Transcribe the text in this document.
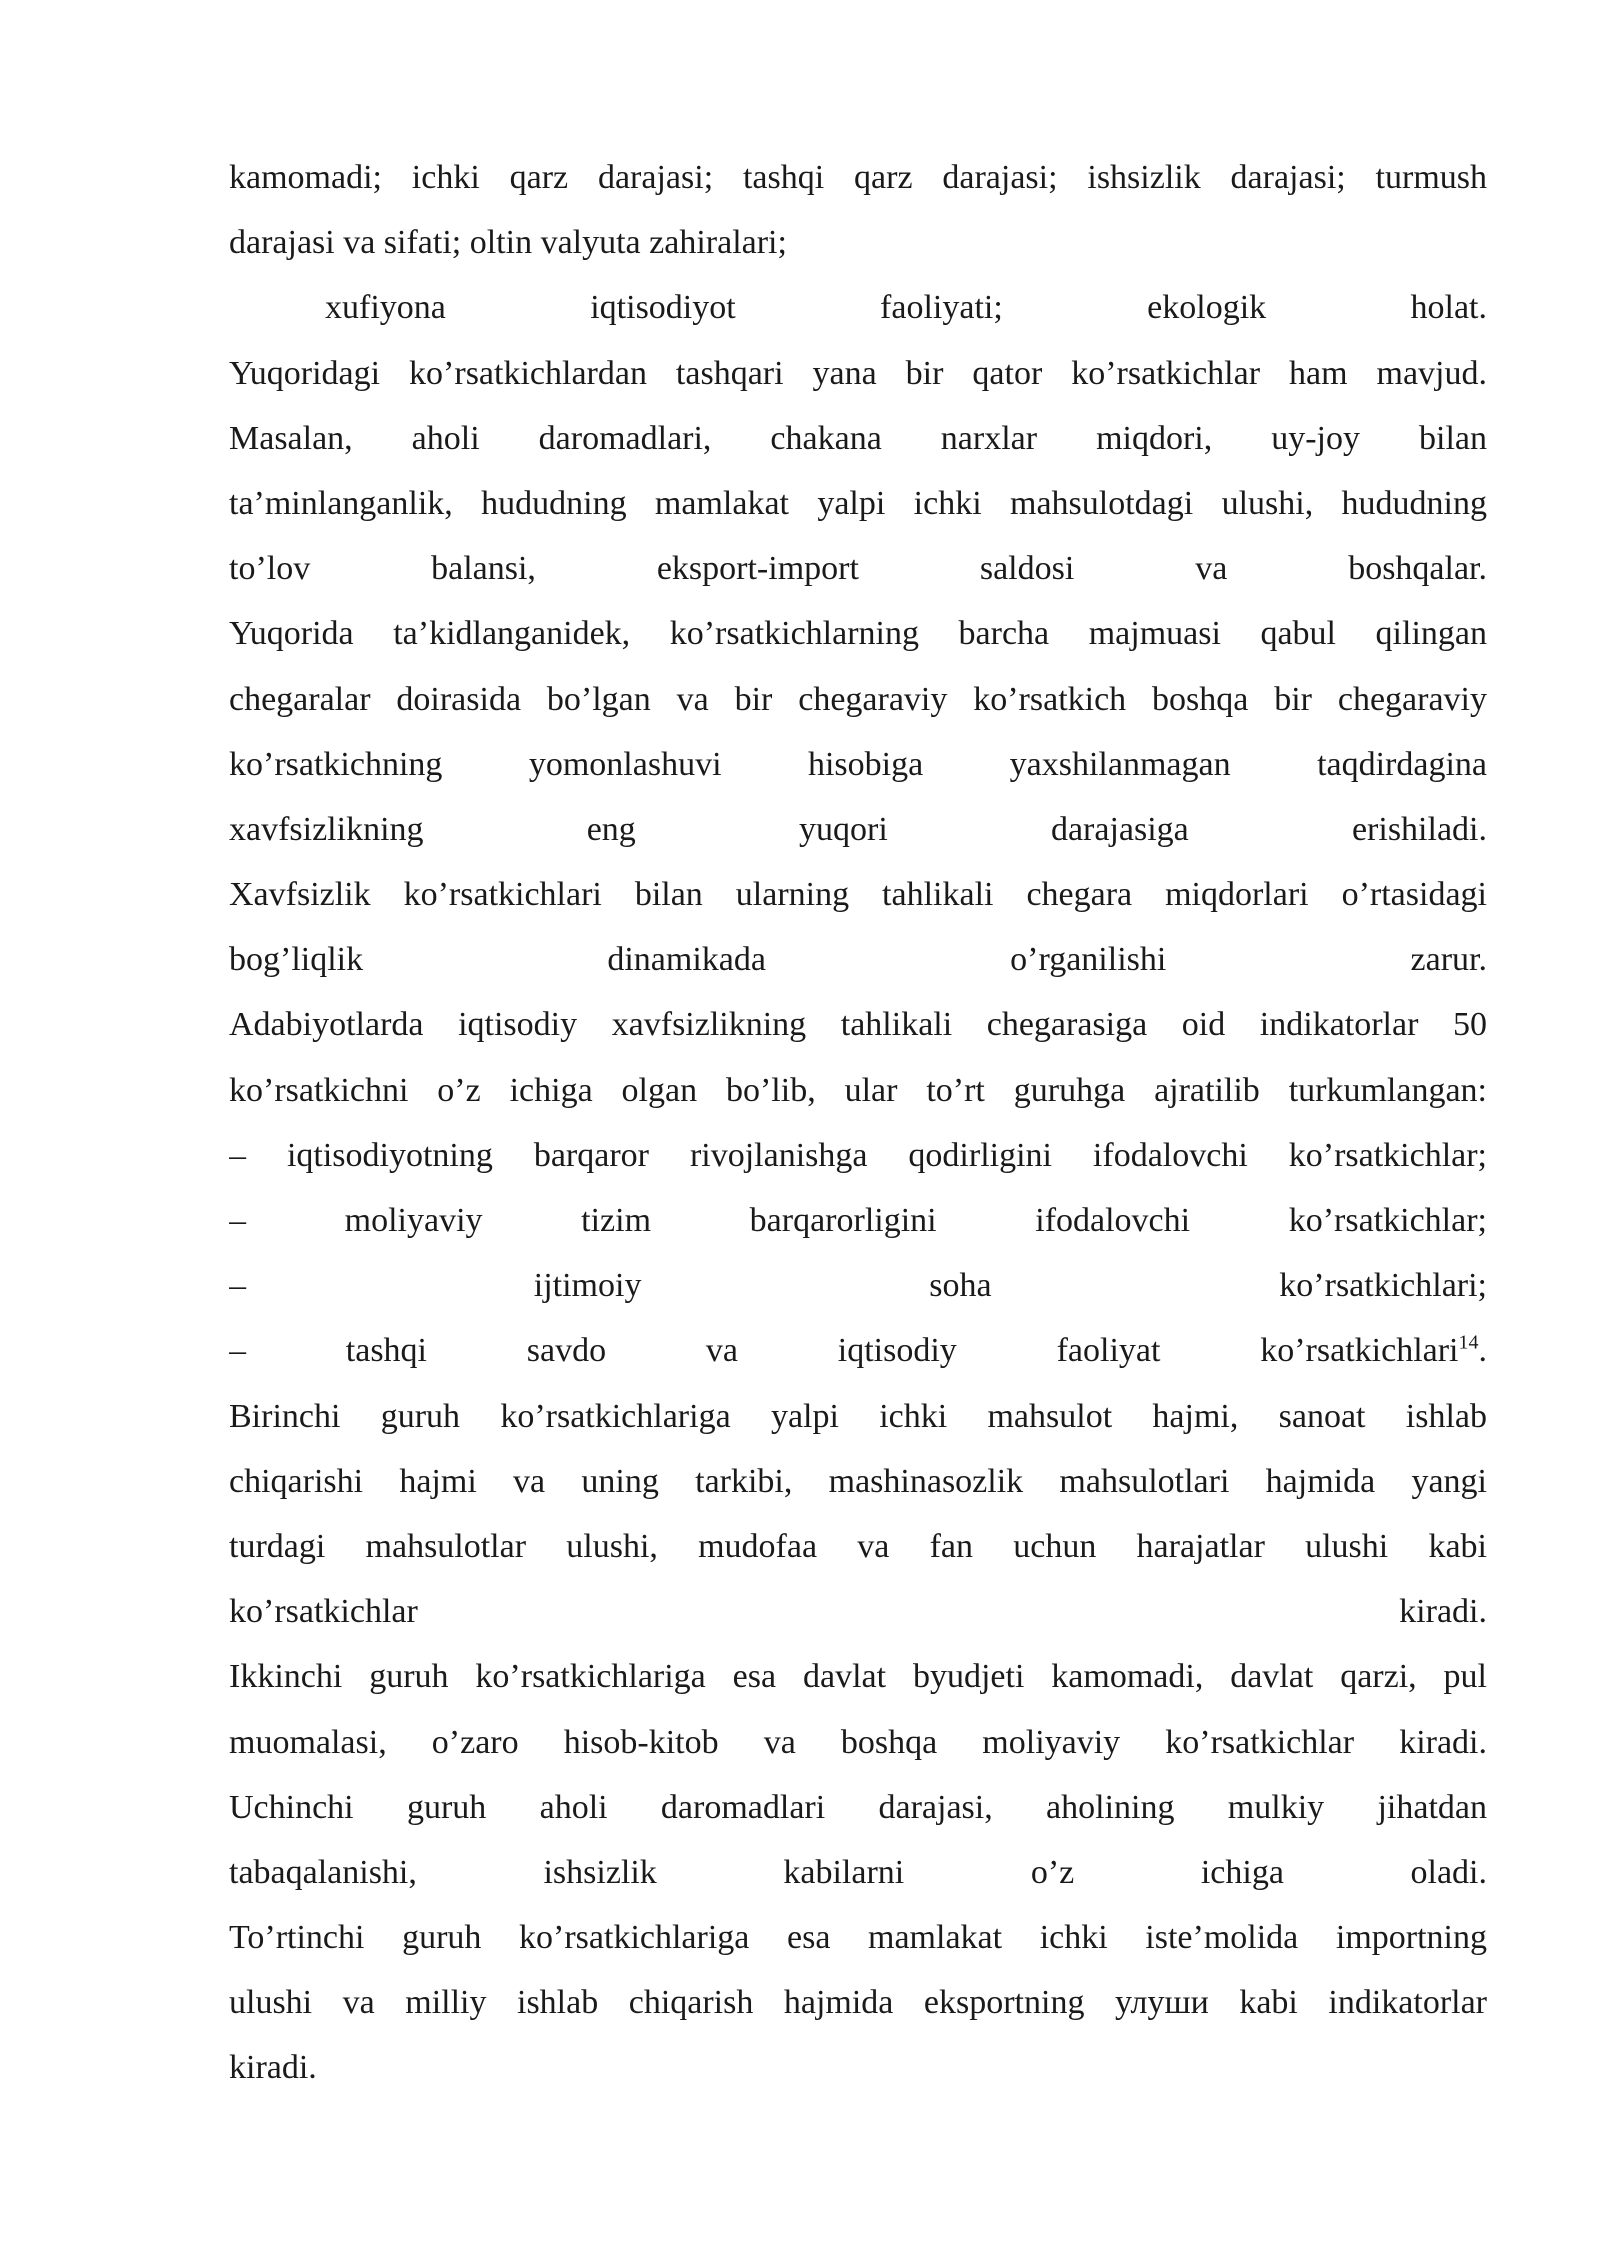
kamomadi; ichki qarz darajasi; tashqi qarz darajasi; ishsizlik darajasi; turmush
darajasi va sifati; oltin valyuta zahiralari;
xufiyona iqtisodiyot faoliyati; ekologik holat.
Yuqoridagi ko’rsatkichlardan tashqari yana bir qator ko’rsatkichlar ham mavjud.
Masalan, aholi daromadlari, chakana narxlar miqdori, uy-joy bilan
ta’minlanganlik, hududning mamlakat yalpi ichki mahsulotdagi ulushi, hududning
to’lov balansi, eksport-import saldosi va boshqalar.
Yuqorida ta’kidlanganidek, ko’rsatkichlarning barcha majmuasi qabul qilingan
chegaralar doirasida bo’lgan va bir chegaraviy ko’rsatkich boshqa bir chegaraviy
ko’rsatkichning yomonlashuvi hisobiga yaxshilanmagan taqdirdagina
xavfsizlikning eng yuqori darajasiga erishiladi.
Xavfsizlik ko’rsatkichlari bilan ularning tahlikali chegara miqdorlari o’rtasidagi
bog’liqlik dinamikada o’rganilishi zarur.
Adabiyotlarda iqtisodiy xavfsizlikning tahlikali chegarasiga oid indikatorlar 50
ko’rsatkichni o’z ichiga olgan bo’lib, ular to’rt guruhga ajratilib turkumlangan:
– iqtisodiyotning barqaror rivojlanishga qodirligini ifodalovchi ko’rsatkichlar;
– moliyaviy tizim barqarorligini ifodalovchi ko’rsatkichlar;
– ijtimoiy soha ko’rsatkichlari;
– tashqi savdo va iqtisodiy faoliyat ko’rsatkichlari$^{14}$.
Birinchi guruh ko’rsatkichlariga yalpi ichki mahsulot hajmi, sanoat ishlab
chiqarishi hajmi va uning tarkibi, mashinasozlik mahsulotlari hajmida yangi
turdagi mahsulotlar ulushi, mudofaa va fan uchun harajatlar ulushi kabi
ko’rsatkichlar kiradi.
Ikkinchi guruh ko’rsatkichlariga esa davlat byudjeti kamomadi, davlat qarzi, pul
muomalasi, o’zaro hisob-kitob va boshqa moliyaviy ko’rsatkichlar kiradi.
Uchinchi guruh aholi daromadlari darajasi, aholining mulkiy jihatdan
tabaqalanishi, ishsizlik kabilarni o’z ichiga oladi.
To’rtinchi guruh ko’rsatkichlariga esa mamlakat ichki iste’molida importning
ulushi va milliy ishlab chiqarish hajmida eksportning улуши kabi indikatorlar
kiradi.
